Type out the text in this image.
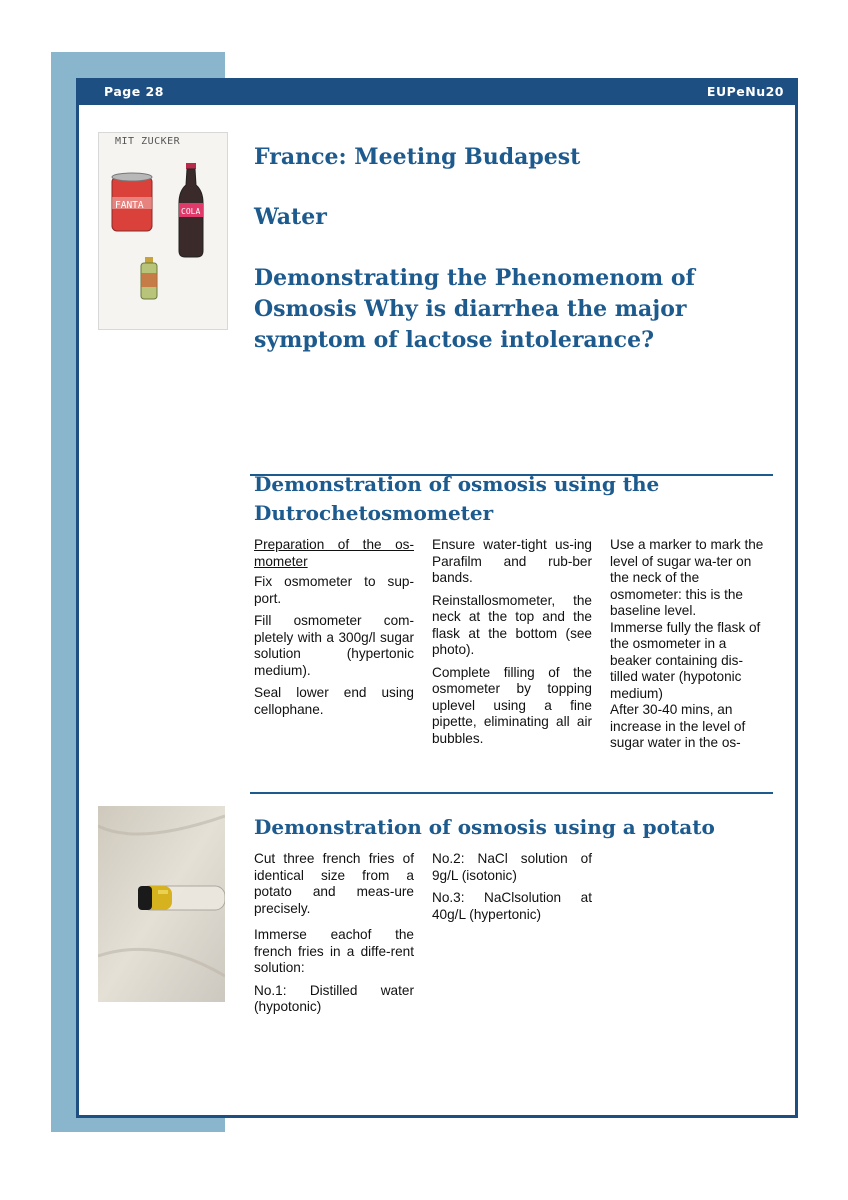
Page 28	EUPeNu20
MIT ZUCKER
FANTA
COLA
France: Meeting Budapest
Water
Demonstrating the Phenomenom of Osmosis Why is diarrhea the major symptom of lactose intolerance?
Demonstration of osmosis using the Dutrochetosmometer

Preparation of the os-mometer

Fix osmometer to sup-port.

Fill osmometer com-pletely with a 300g/l sugar solution (hypertonic medium).

Seal lower end using cellophane.

Ensure water-tight us-ing Parafilm and rub-ber bands.

Reinstallosmometer, the neck at the top and the flask at the bottom (see photo).

Complete filling of the osmometer by topping uplevel using a fine pipette, eliminating all air bubbles.

Use a marker to mark the level of sugar wa-ter on the neck of the osmometer: this is the baseline level.

Immerse fully the flask of the osmometer in a beaker containing dis-tilled water (hypotonic medium)

After 30-40 mins, an increase in the level of sugar water in the os-

Demonstration of osmosis using a potato

Cut three french fries of identical size from a potato and meas-ure precisely.

Immerse eachof the french fries in a diffe-rent solution:

No.1: Distilled water (hypotonic)

No.2: NaCl solution of 9g/L (isotonic)

No.3: NaClsolution at 40g/L (hypertonic)
